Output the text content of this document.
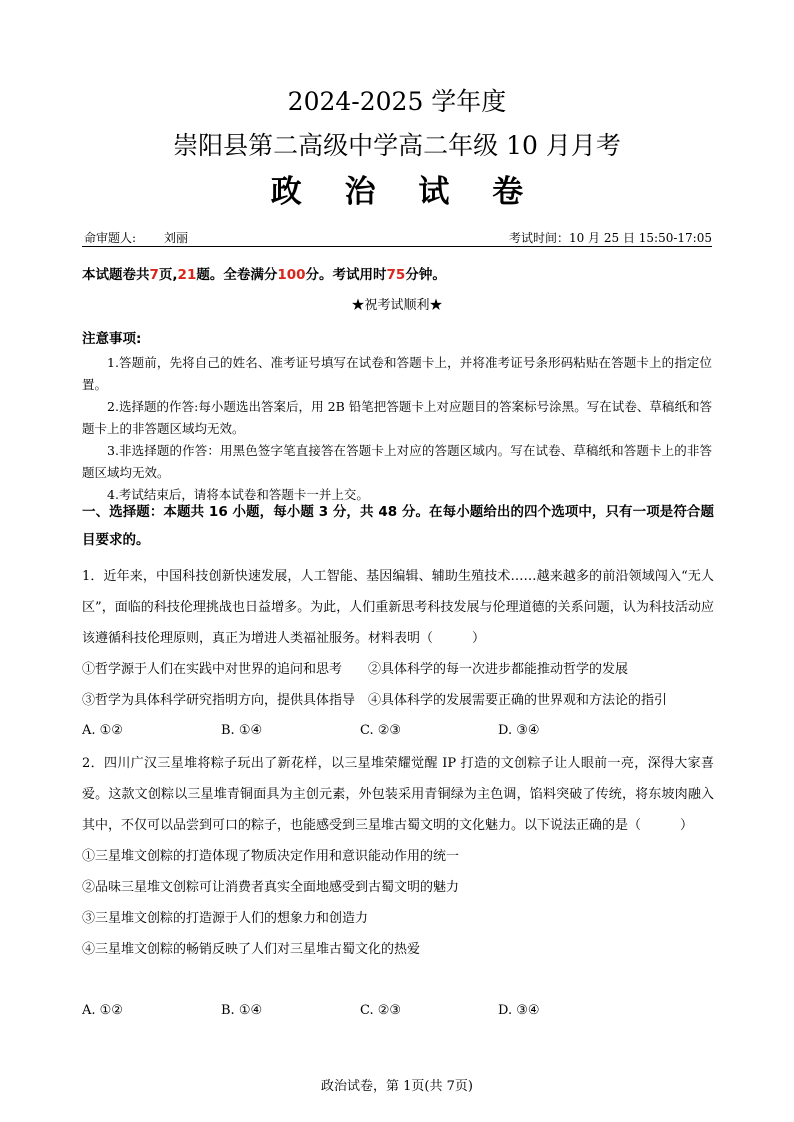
2024-2025 学年度
崇阳县第二高级中学高二年级 10 月月考
政 治 试 卷
命审题人: 刘丽	考试时间：10 月 25 日 15:50-17:05
本试题卷共7页,21题。全卷满分100分。考试用时75分钟。
★祝考试顺利★
注意事项:

1.答题前，先将自己的姓名、准考证号填写在试卷和答题卡上，并将准考证号条形码粘贴在答题卡上的指定位置。

2.选择题的作答:每小题选出答案后，用 2B 铅笔把答题卡上对应题目的答案标号涂黑。写在试卷、草稿纸和答题卡上的非答题区域均无效。

3.非选择题的作答：用黑色签字笔直接答在答题卡上对应的答题区域内。写在试卷、草稿纸和答题卡上的非答题区域均无效。

4.考试结束后，请将本试卷和答题卡一并上交。

一、选择题：本题共 16 小题，每小题 3 分，共 48 分。在每小题给出的四个选项中，只有一项是符合题目要求的。

1．近年来，中国科技创新快速发展，人工智能、基因编辑、辅助生殖技术……越来越多的前沿领域闯入“无人区”，面临的科技伦理挑战也日益增多。为此，人们重新思考科技发展与伦理道德的关系问题，认为科技活动应该遵循科技伦理原则，真正为增进人类福祉服务。材料表明（　　　）

①哲学源于人们在实践中对世界的追问和思考　　②具体科学的每一次进步都能推动哲学的发展

③哲学为具体科学研究指明方向，提供具体指导　④具体科学的发展需要正确的世界观和方法论的指引

A. ①②	B. ①④	C. ②③	D. ③④

2．四川广汉三星堆将粽子玩出了新花样，以三星堆荣耀觉醒 IP 打造的文创粽子让人眼前一亮，深得大家喜爱。这款文创粽以三星堆青铜面具为主创元素，外包装采用青铜绿为主色调，馅料突破了传统，将东坡肉融入其中，不仅可以品尝到可口的粽子，也能感受到三星堆古蜀文明的文化魅力。以下说法正确的是（　　　）

①三星堆文创粽的打造体现了物质决定作用和意识能动作用的统一

②品味三星堆文创粽可让消费者真实全面地感受到古蜀文明的魅力

③三星堆文创粽的打造源于人们的想象力和创造力

④三星堆文创粽的畅销反映了人们对三星堆古蜀文化的热爱

A. ①②	B. ①④	C. ②③	D. ③④
政治试卷，第 1页(共 7页)
